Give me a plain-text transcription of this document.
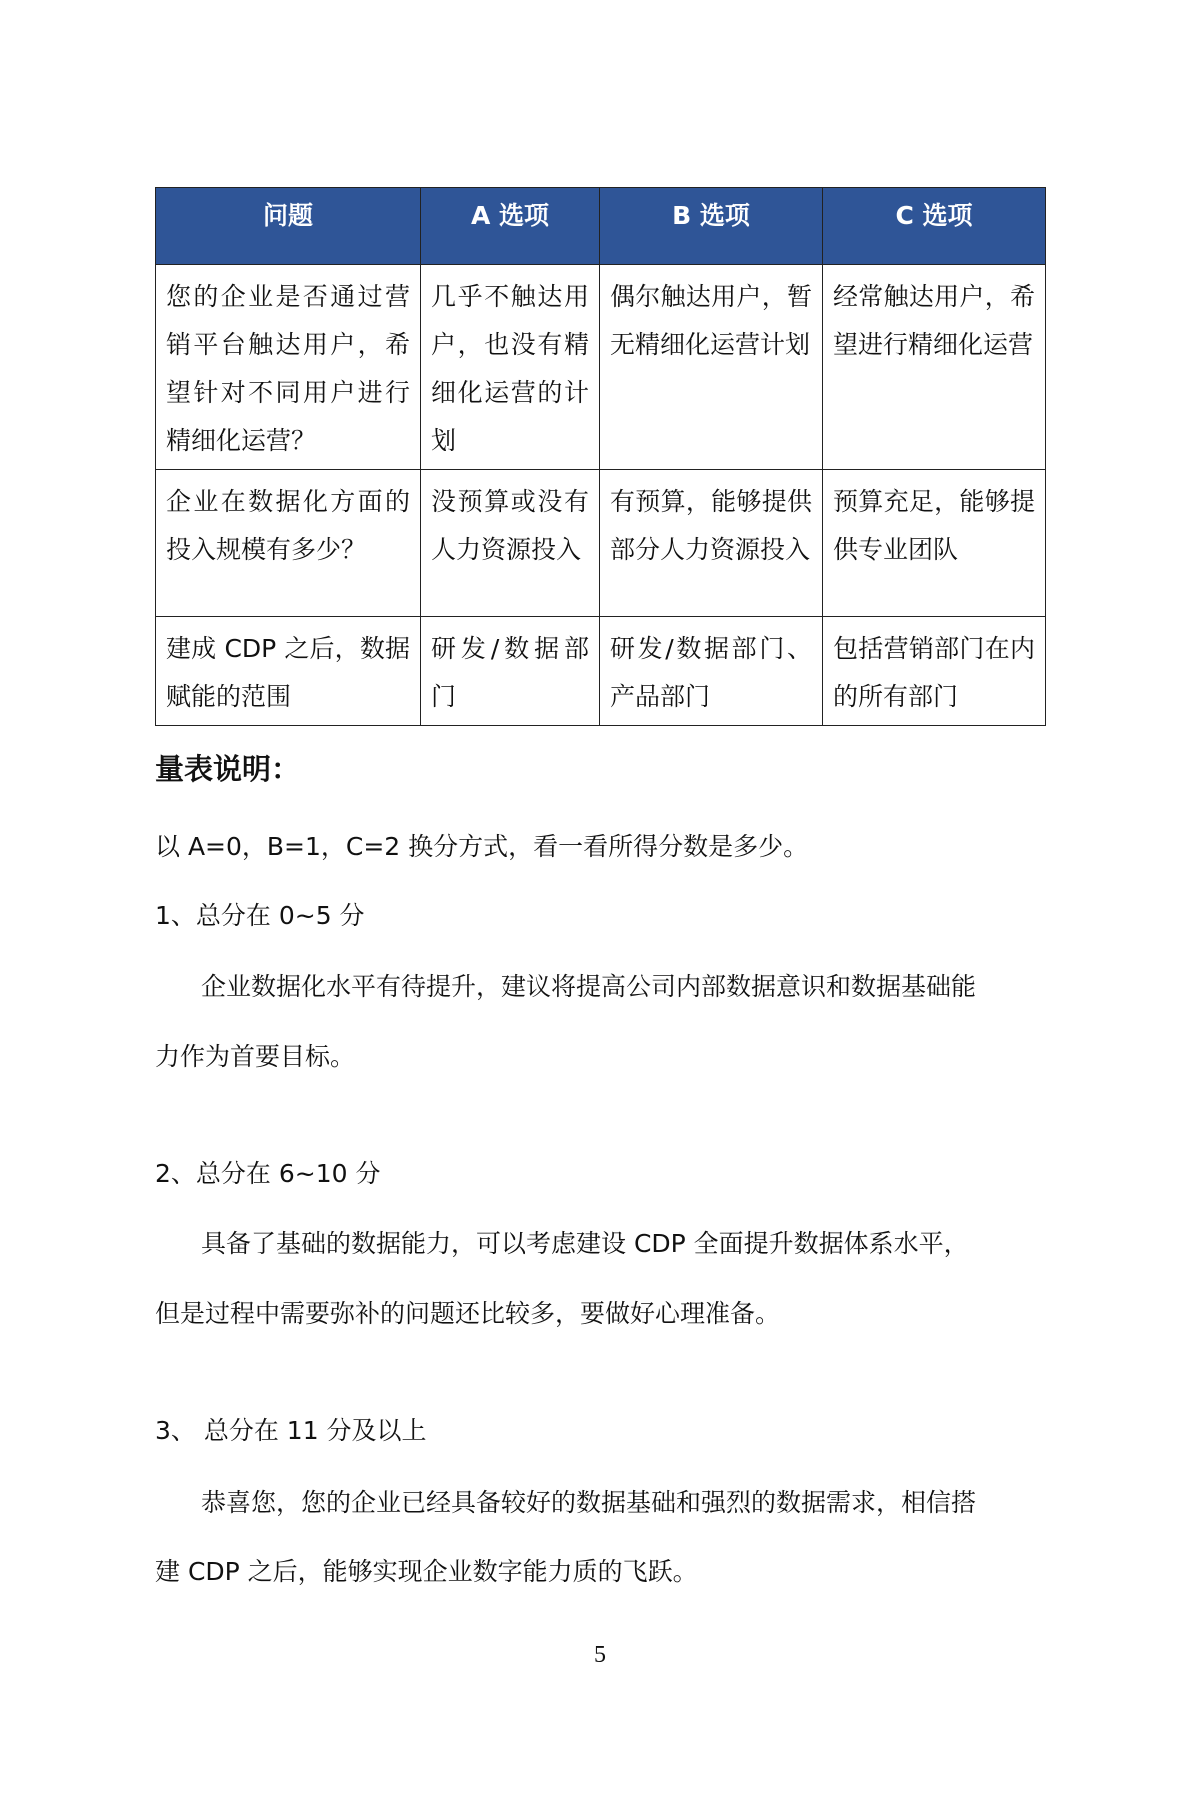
问题	A 选项	B 选项	C 选项
您的企业是否通过营销平台触达用户，希望针对不同用户进行精细化运营？	几乎不触达用户，也没有精细化运营的计划	偶尔触达用户，暂无精细化运营计划	经常触达用户，希望进行精细化运营
企业在数据化方面的投入规模有多少？	没预算或没有人力资源投入	有预算，能够提供部分人力资源投入	预算充足，能够提供专业团队
建成 CDP 之后，数据赋能的范围	研发/数据部门	研发/数据部门、产品部门	包括营销部门在内的所有部门
量表说明：
以 A=0，B=1，C=2 换分方式，看一看所得分数是多少。
1、总分在 0~5 分
企业数据化水平有待提升，建议将提高公司内部数据意识和数据基础能
力作为首要目标。
2、总分在 6~10 分
具备了基础的数据能力，可以考虑建设 CDP 全面提升数据体系水平，
但是过程中需要弥补的问题还比较多，要做好心理准备。
3、 总分在 11 分及以上
恭喜您，您的企业已经具备较好的数据基础和强烈的数据需求，相信搭
建 CDP 之后，能够实现企业数字能力质的飞跃。
5
